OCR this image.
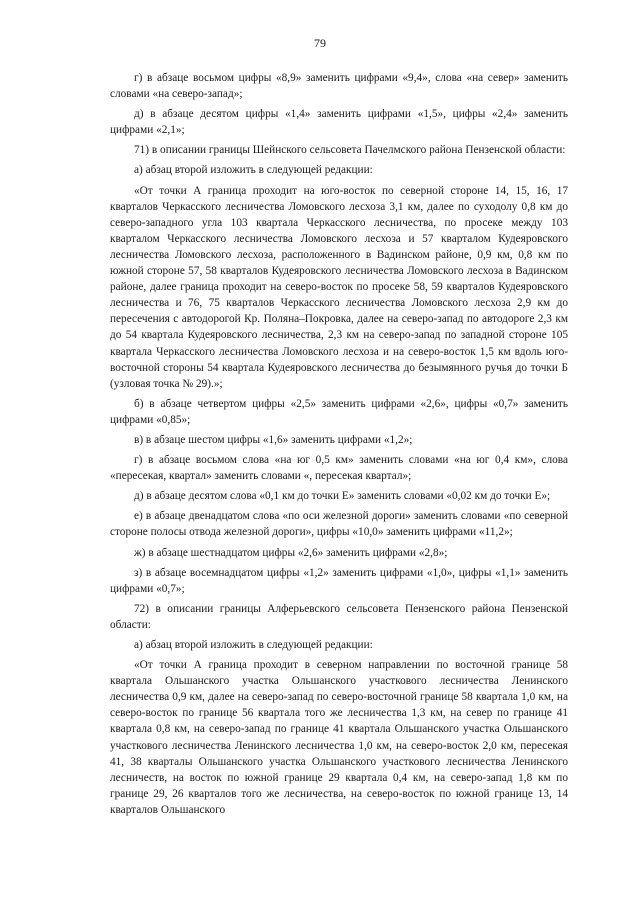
79

г) в абзаце восьмом цифры «8,9» заменить цифрами «9,4», слова «на север» заменить словами «на северо-запад»;

д) в абзаце десятом цифры «1,4» заменить цифрами «1,5», цифры «2,4» заменить цифрами «2,1»;

71) в описании границы Шейнского сельсовета Пачелмского района Пензенской области:

а) абзац второй изложить в следующей редакции:

«От точки А граница проходит на юго-восток по северной стороне 14, 15, 16, 17 кварталов Черкасского лесничества Ломовского лесхоза 3,1 км, далее по суходолу 0,8 км до северо-западного угла 103 квартала Черкасского лесничества, по просеке между 103 кварталом Черкасского лесничества Ломовского лесхоза и 57 кварталом Кудеяровского лесничества Ломовского лесхоза, расположенного в Вадинском районе, 0,9 км, 0,8 км по южной стороне 57, 58 кварталов Кудеяровского лесничества Ломовского лесхоза в Вадинском районе, далее граница проходит на северо-восток по просеке 58, 59 кварталов Кудеяровского лесничества и 76, 75 кварталов Черкасского лесничества Ломовского лесхоза 2,9 км до пересечения с автодорогой Кр. Поляна–Покровка, далее на северо-запад по автодороге 2,3 км до 54 квартала Кудеяровского лесничества, 2,3 км на северо-запад по западной стороне 105 квартала Черкасского лесничества Ломовского лесхоза и на северо-восток 1,5 км вдоль юго-восточной стороны 54 квартала Кудеяровского лесничества до безымянного ручья до точки Б (узловая точка № 29).»;

б) в абзаце четвертом цифры «2,5» заменить цифрами «2,6», цифры «0,7» заменить цифрами «0,85»;

в) в абзаце шестом цифры «1,6» заменить цифрами «1,2»;

г) в абзаце восьмом слова «на юг 0,5 км» заменить словами «на юг 0,4 км», слова «пересекая, квартал» заменить словами «, пересекая квартал»;

д) в абзаце десятом слова «0,1 км до точки Е» заменить словами «0,02 км до точки Е»;

е) в абзаце двенадцатом слова «по оси железной дороги» заменить словами «по северной стороне полосы отвода железной дороги», цифры «10,0» заменить цифрами «11,2»;

ж) в абзаце шестнадцатом цифры «2,6» заменить цифрами «2,8»;

з) в абзаце восемнадцатом цифры «1,2» заменить цифрами «1,0», цифры «1,1» заменить цифрами «0,7»;

72) в описании границы Алферьевского сельсовета Пензенского района Пензенской области:

а) абзац второй изложить в следующей редакции:

«От точки А граница проходит в северном направлении по восточной границе 58 квартала Ольшанского участка Ольшанского участкового лесничества Ленинского лесничества 0,9 км, далее на северо-запад по северо-восточной границе 58 квартала 1,0 км, на северо-восток по границе 56 квартала того же лесничества 1,3 км, на север по границе 41 квартала 0,8 км, на северо-запад по границе 41 квартала Ольшанского участка Ольшанского участкового лесничества Ленинского лесничества 1,0 км, на северо-восток 2,0 км, пересекая 41, 38 кварталы Ольшанского участка Ольшанского участкового лесничества Ленинского лесничеств, на восток по южной границе 29 квартала 0,4 км, на северо-запад 1,8 км по границе 29, 26 кварталов того же лесничества, на северо-восток по южной границе 13, 14 кварталов Ольшанского
